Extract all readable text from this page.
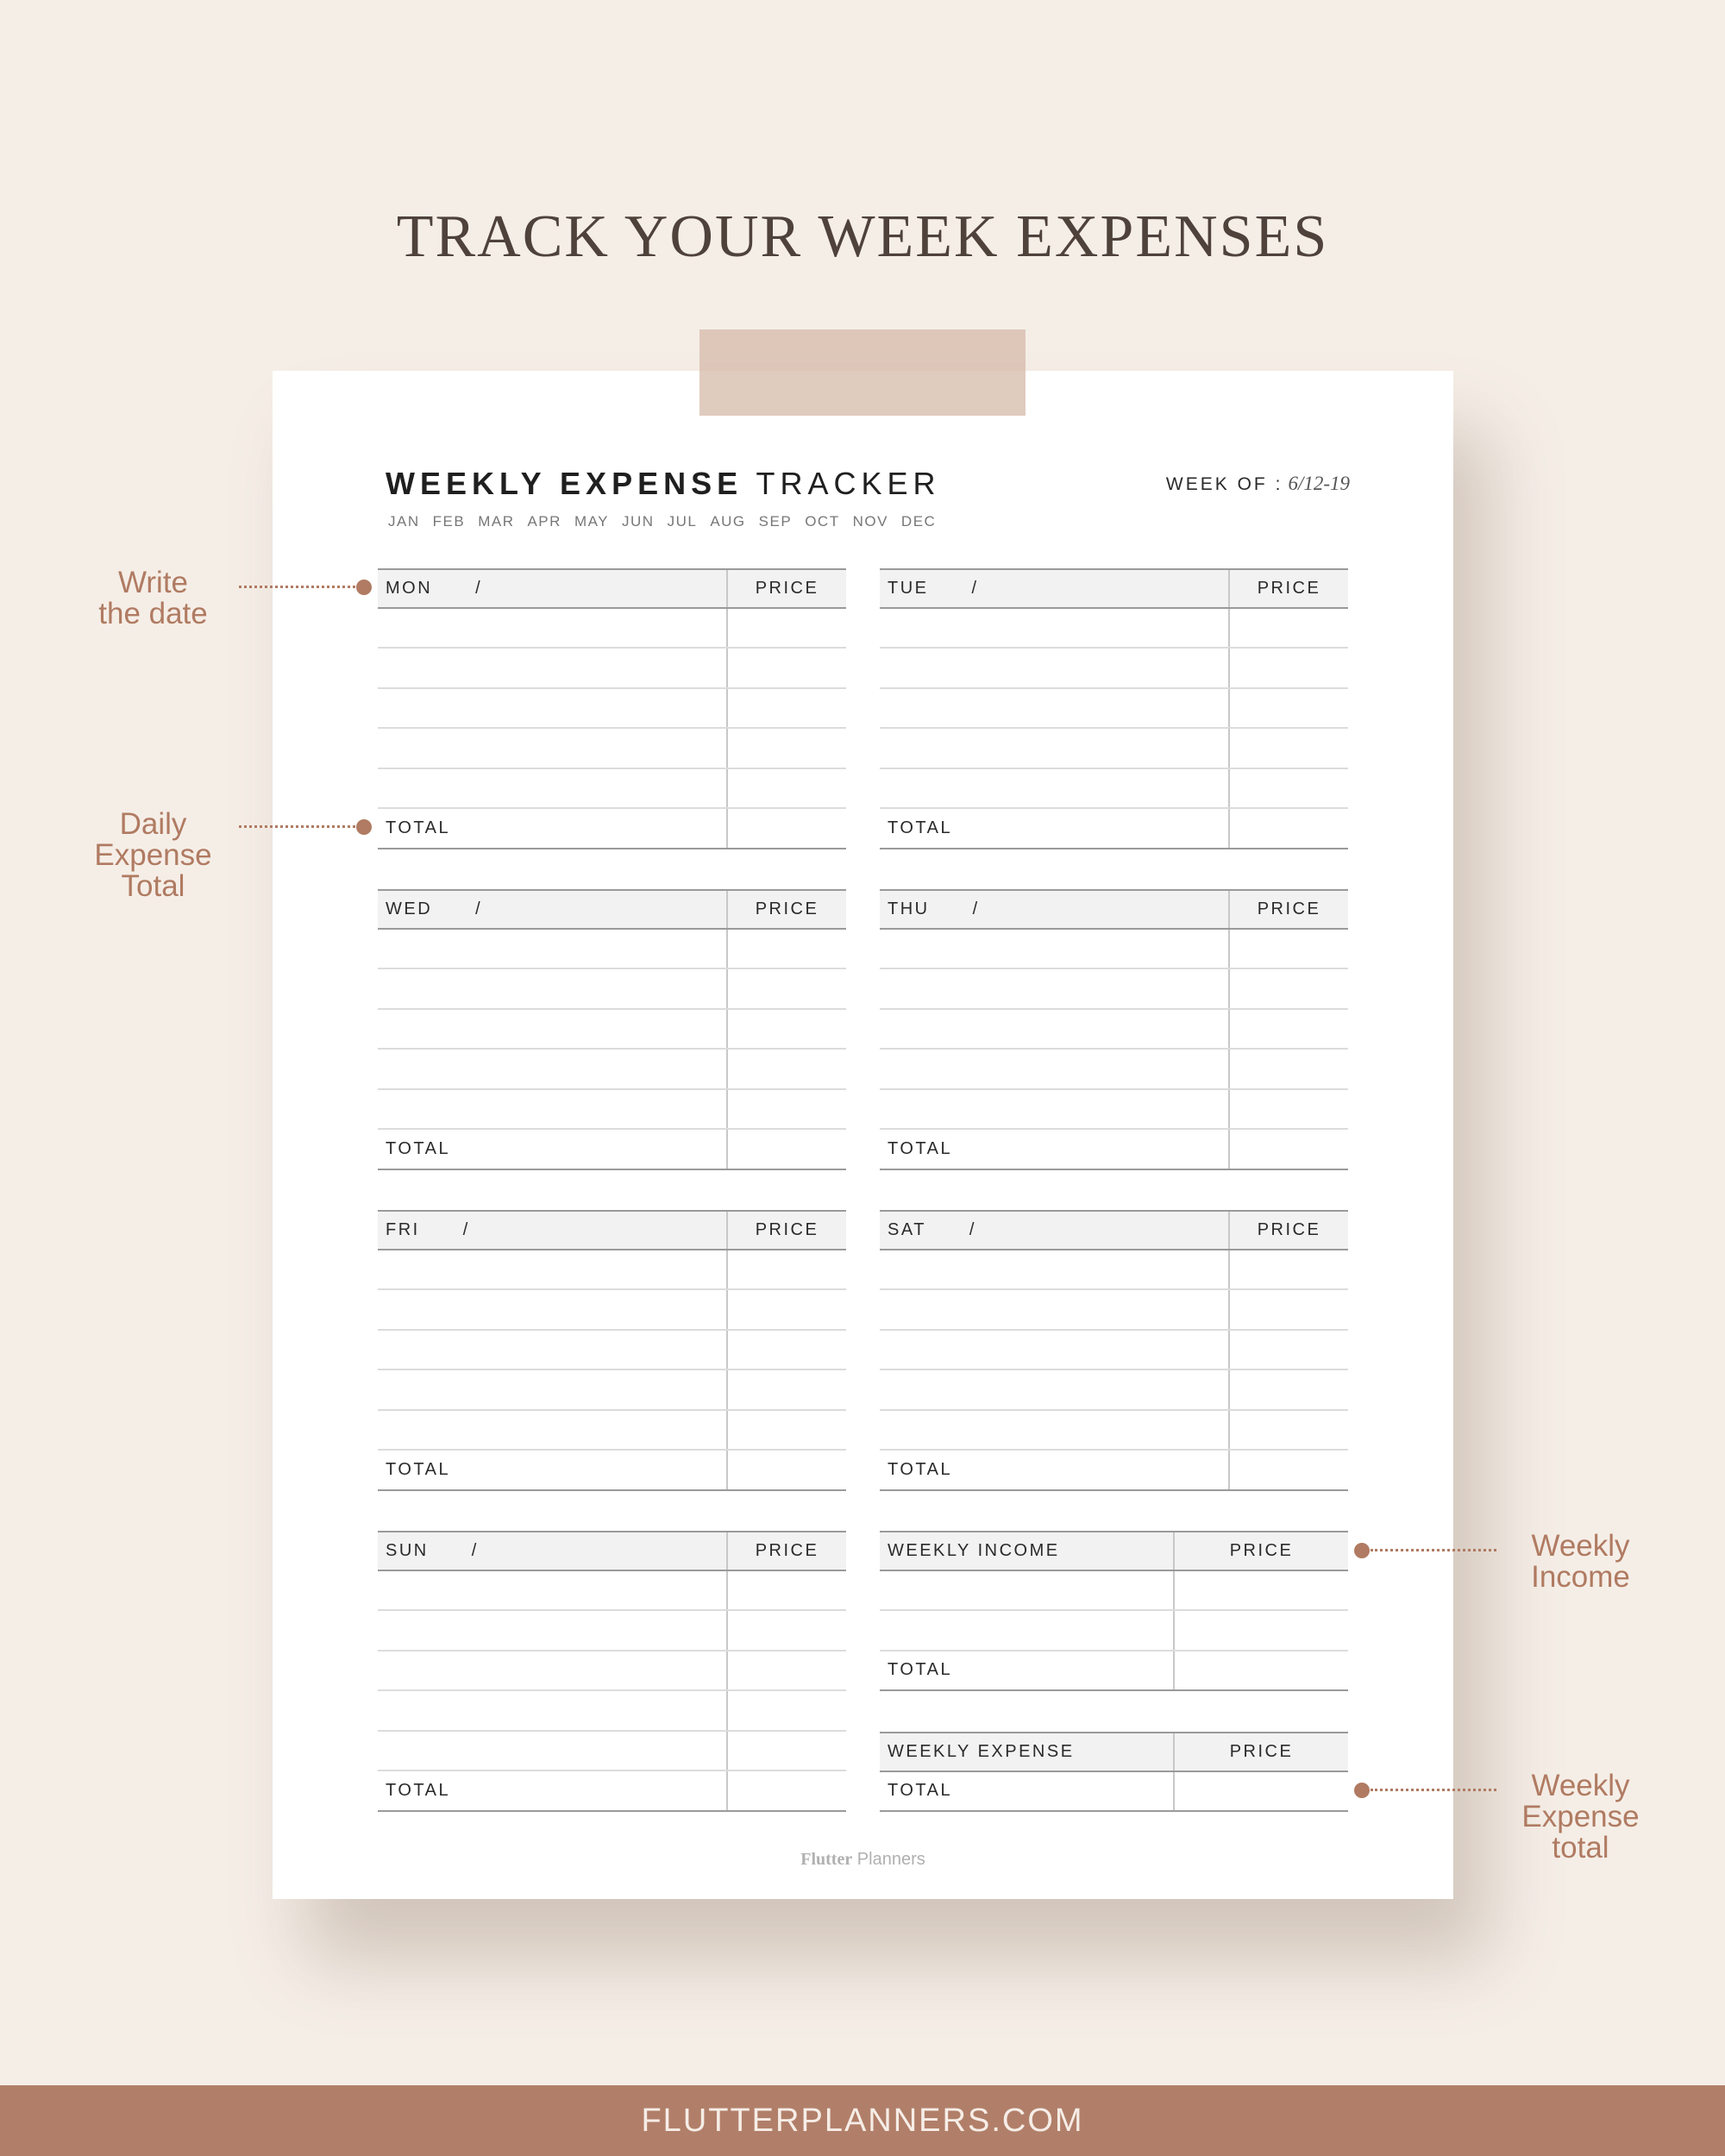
TRACK YOUR WEEK EXPENSES
WEEKLY EXPENSE TRACKER	WEEK OF : 6/12-19
JAN FEB MAR APR MAY JUN JUL AUG SEP OCT NOV DEC
MON	/	PRICE
TOTAL
TUE	/	PRICE
TOTAL
WED	/	PRICE
TOTAL
THU	/	PRICE
TOTAL
FRI	/	PRICE
TOTAL
SAT	/	PRICE
TOTAL
SUN	/	PRICE
TOTAL
WEEKLY INCOME	PRICE
TOTAL
WEEKLY EXPENSE	PRICE
TOTAL
Flutter Planners
Write
the date
Daily
Expense
Total
Weekly
Income
Weekly
Expense
total
FLUTTERPLANNERS.COM
